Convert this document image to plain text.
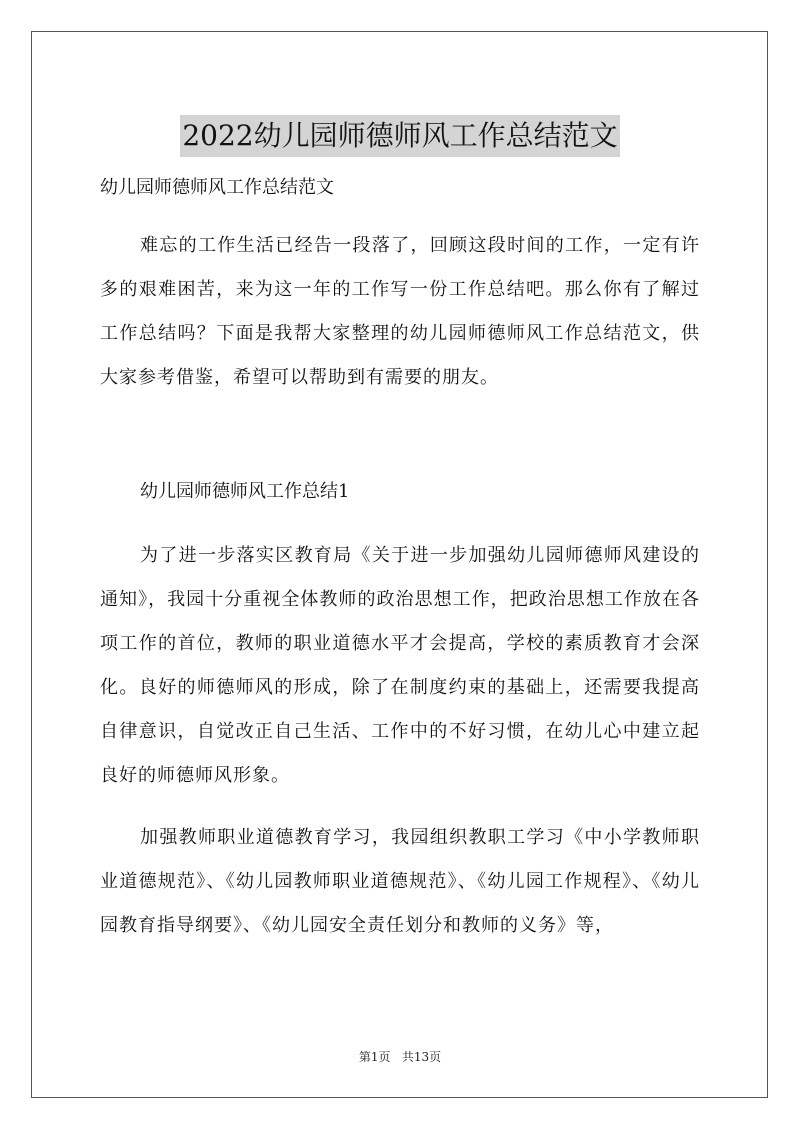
2022幼儿园师德师风工作总结范文

幼儿园师德师风工作总结范文

难忘的工作生活已经告一段落了，回顾这段时间的工作，一定有许多的艰难困苦，来为这一年的工作写一份工作总结吧。那么你有了解过工作总结吗？下面是我帮大家整理的幼儿园师德师风工作总结范文，供大家参考借鉴，希望可以帮助到有需要的朋友。

幼儿园师德师风工作总结1

为了进一步落实区教育局《关于进一步加强幼儿园师德师风建设的通知》，我园十分重视全体教师的政治思想工作，把政治思想工作放在各项工作的首位，教师的职业道德水平才会提高，学校的素质教育才会深化。良好的师德师风的形成，除了在制度约束的基础上，还需要我提高自律意识，自觉改正自己生活、工作中的不好习惯，在幼儿心中建立起良好的师德师风形象。

加强教师职业道德教育学习，我园组织教职工学习《中小学教师职业道德规范》、《幼儿园教师职业道德规范》、《幼儿园工作规程》、《幼儿园教育指导纲要》、《幼儿园安全责任划分和教师的义务》等，

第1页   共13页
